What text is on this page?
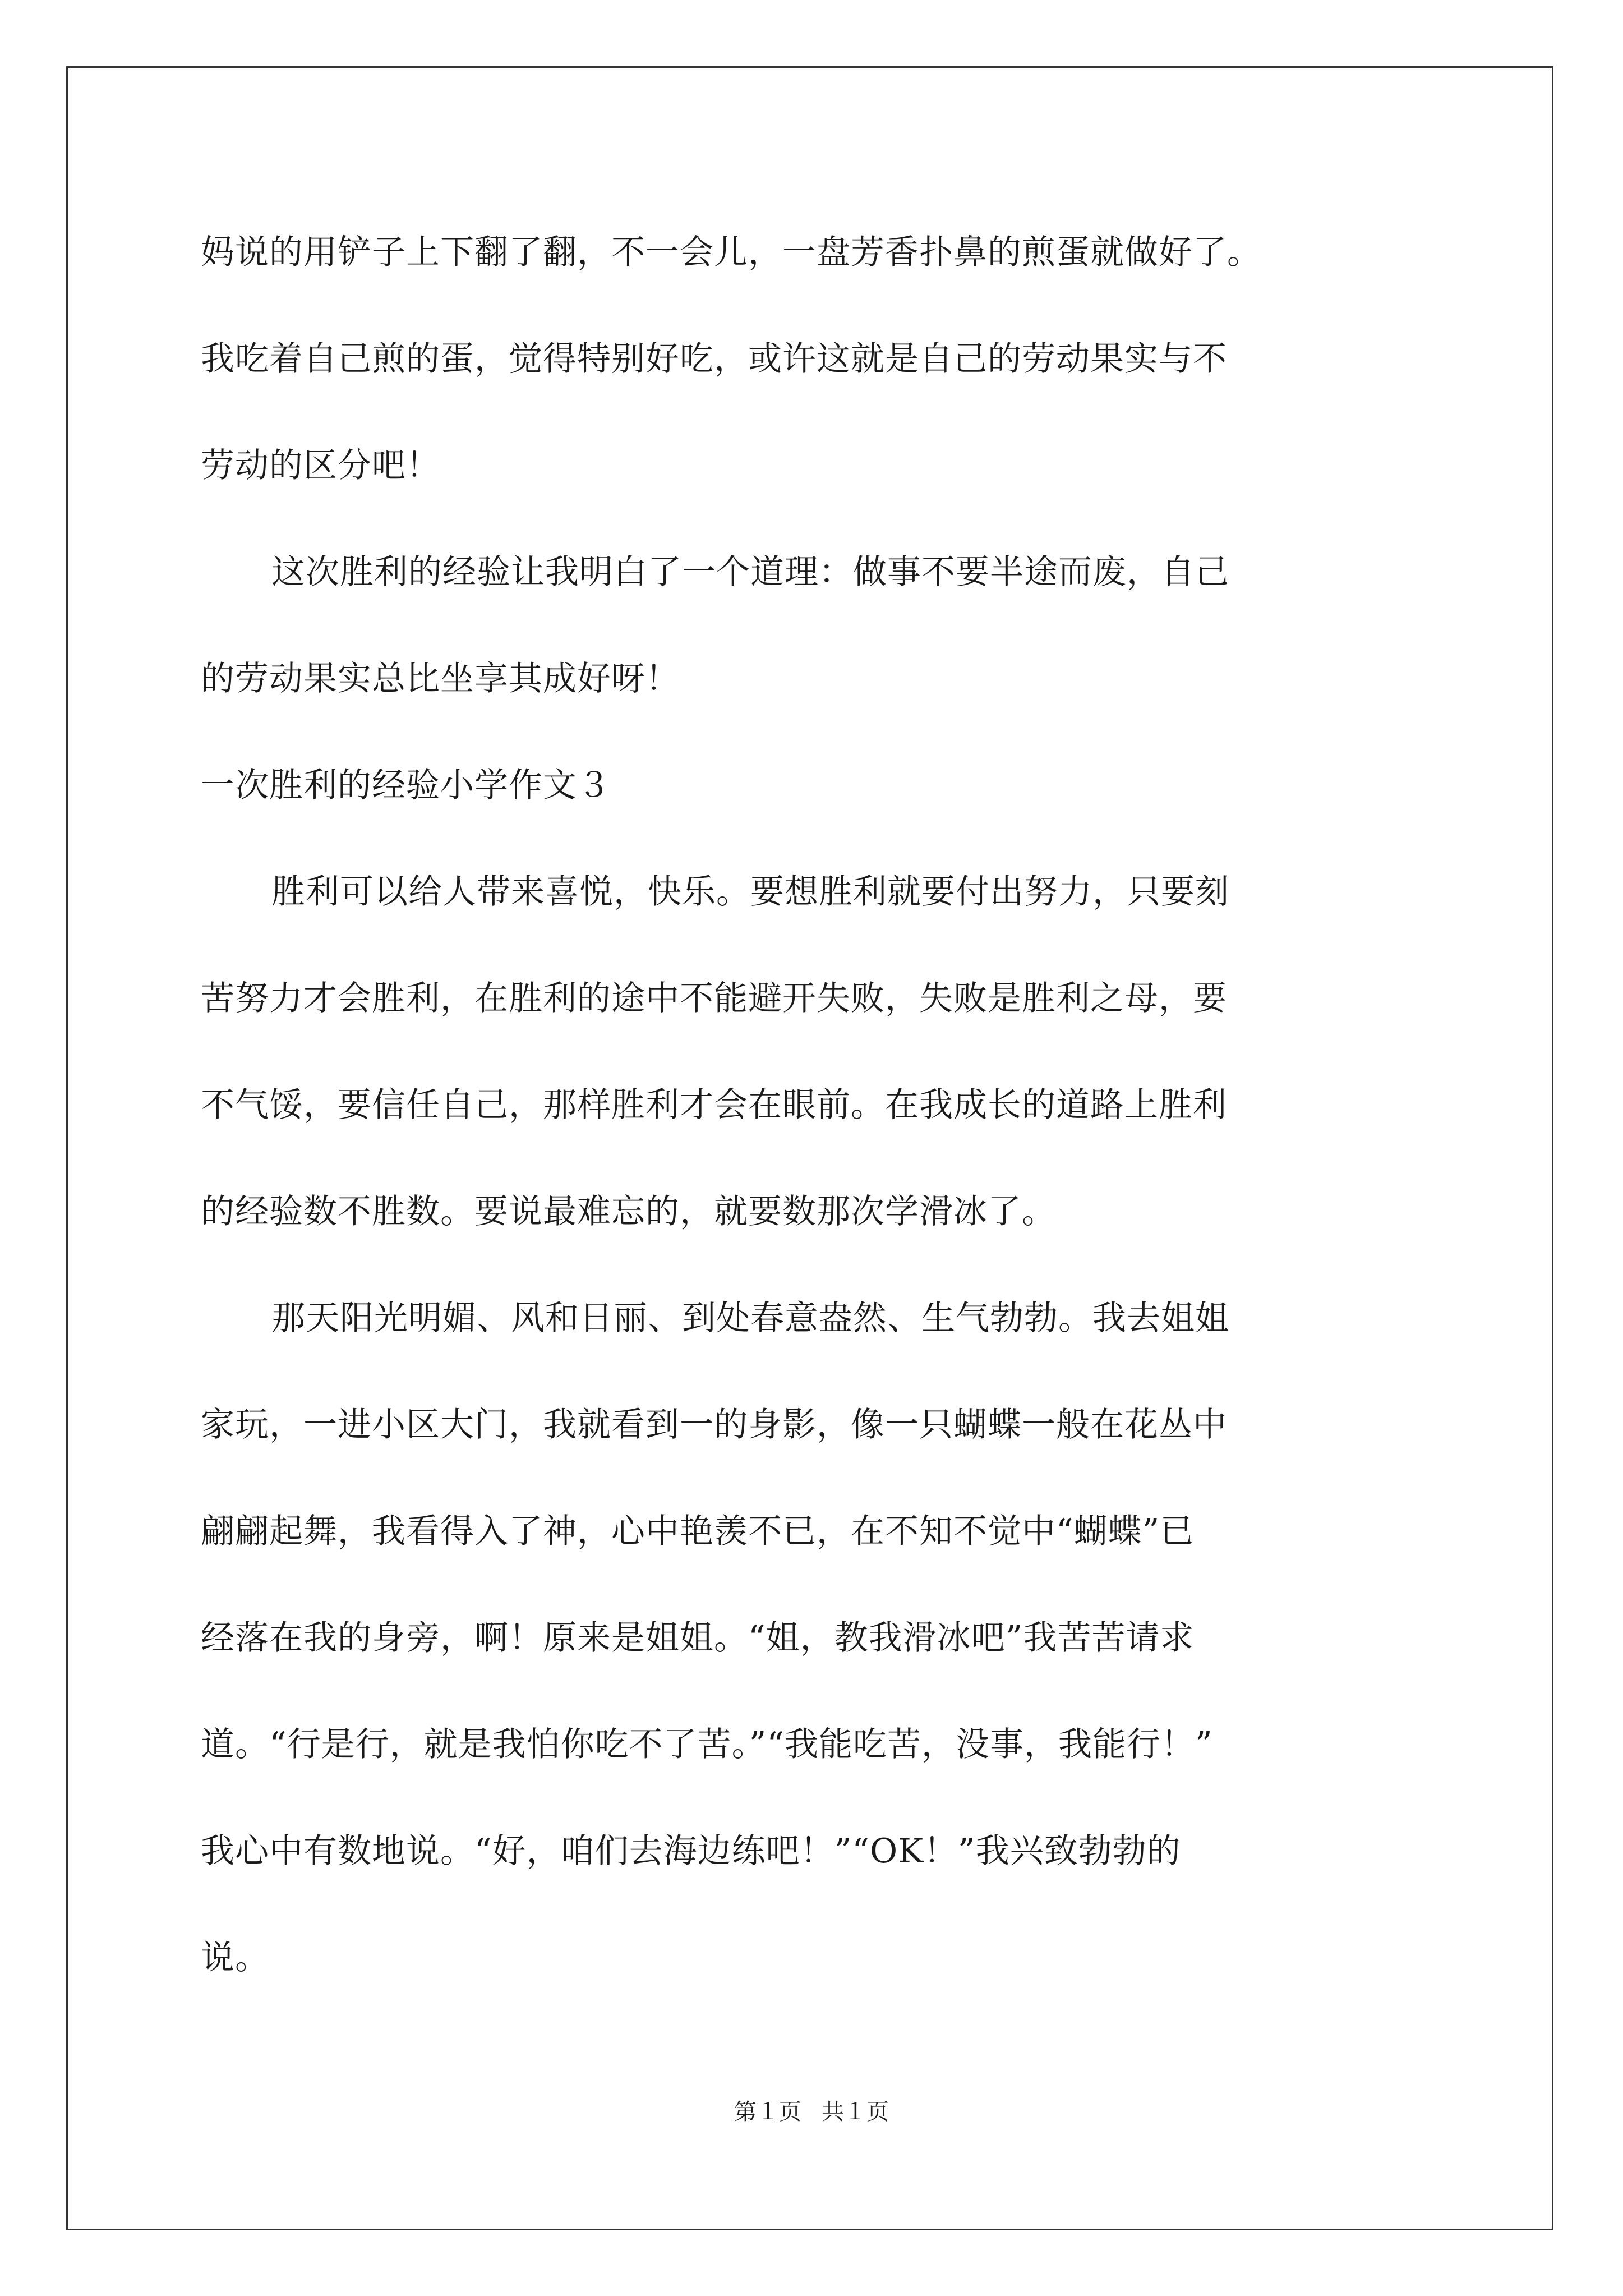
妈说的用铲子上下翻了翻，不一会儿，一盘芳香扑鼻的煎蛋就做好了。
我吃着自己煎的蛋，觉得特别好吃，或许这就是自己的劳动果实与不
劳动的区分吧！
这次胜利的经验让我明白了一个道理：做事不要半途而废，自己
的劳动果实总比坐享其成好呀！
一次胜利的经验小学作文３
胜利可以给人带来喜悦，快乐。要想胜利就要付出努力，只要刻
苦努力才会胜利，在胜利的途中不能避开失败，失败是胜利之母，要
不气馁，要信任自己，那样胜利才会在眼前。在我成长的道路上胜利
的经验数不胜数。要说最难忘的，就要数那次学滑冰了。
那天阳光明媚、风和日丽、到处春意盎然、生气勃勃。我去姐姐
家玩，一进小区大门，我就看到一的身影，像一只蝴蝶一般在花丛中
翩翩起舞，我看得入了神，心中艳羡不已，在不知不觉中“蝴蝶”已
经落在我的身旁，啊！原来是姐姐。“姐，教我滑冰吧”我苦苦请求
道。“行是行，就是我怕你吃不了苦。”“我能吃苦，没事，我能行！”
我心中有数地说。“好，咱们去海边练吧！”“OK！”我兴致勃勃的
说。
第１页 共１页
